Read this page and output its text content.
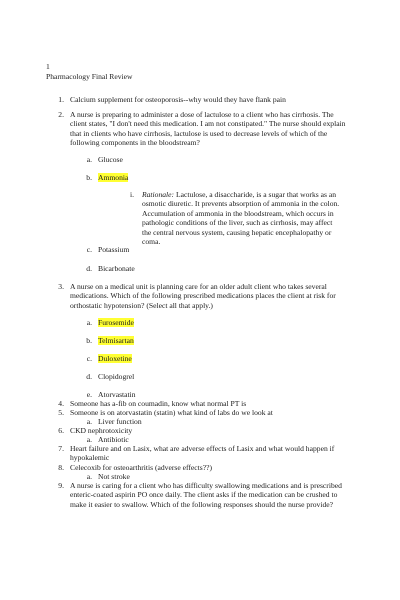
1
Pharmacology Final Review
1. Calcium supplement for osteoporosis--why would they have flank pain
2. A nurse is preparing to administer a dose of lactulose to a client who has cirrhosis. The client states, "I don't need this medication. I am not constipated." The nurse should explain that in clients who have cirrhosis, lactulose is used to decrease levels of which of the following components in the bloodstream?
a. Glucose
b. Ammonia
i. Rationale: Lactulose, a disaccharide, is a sugar that works as an osmotic diuretic. It prevents absorption of ammonia in the colon. Accumulation of ammonia in the bloodstream, which occurs in pathologic conditions of the liver, such as cirrhosis, may affect the central nervous system, causing hepatic encephalopathy or coma.
c. Potassium
d. Bicarbonate
3. A nurse on a medical unit is planning care for an older adult client who takes several medications. Which of the following prescribed medications places the client at risk for orthostatic hypotension? (Select all that apply.)
a. Furosemide
b. Telmisartan
c. Duloxetine
d. Clopidogrel
e. Atorvastatin
4. Someone has a-fib on coumadin, know what normal PT is
5. Someone is on atorvastatin (statin) what kind of labs do we look at
a. Liver function
6. CKD nephrotoxicity
a. Antibiotic
7. Heart failure and on Lasix, what are adverse effects of Lasix and what would happen if hypokalemic
8. Celecoxib for osteoarthritis (adverse effects??)
a. Not stroke
9. A nurse is caring for a client who has difficulty swallowing medications and is prescribed enteric-coated aspirin PO once daily. The client asks if the medication can be crushed to make it easier to swallow. Which of the following responses should the nurse provide?
